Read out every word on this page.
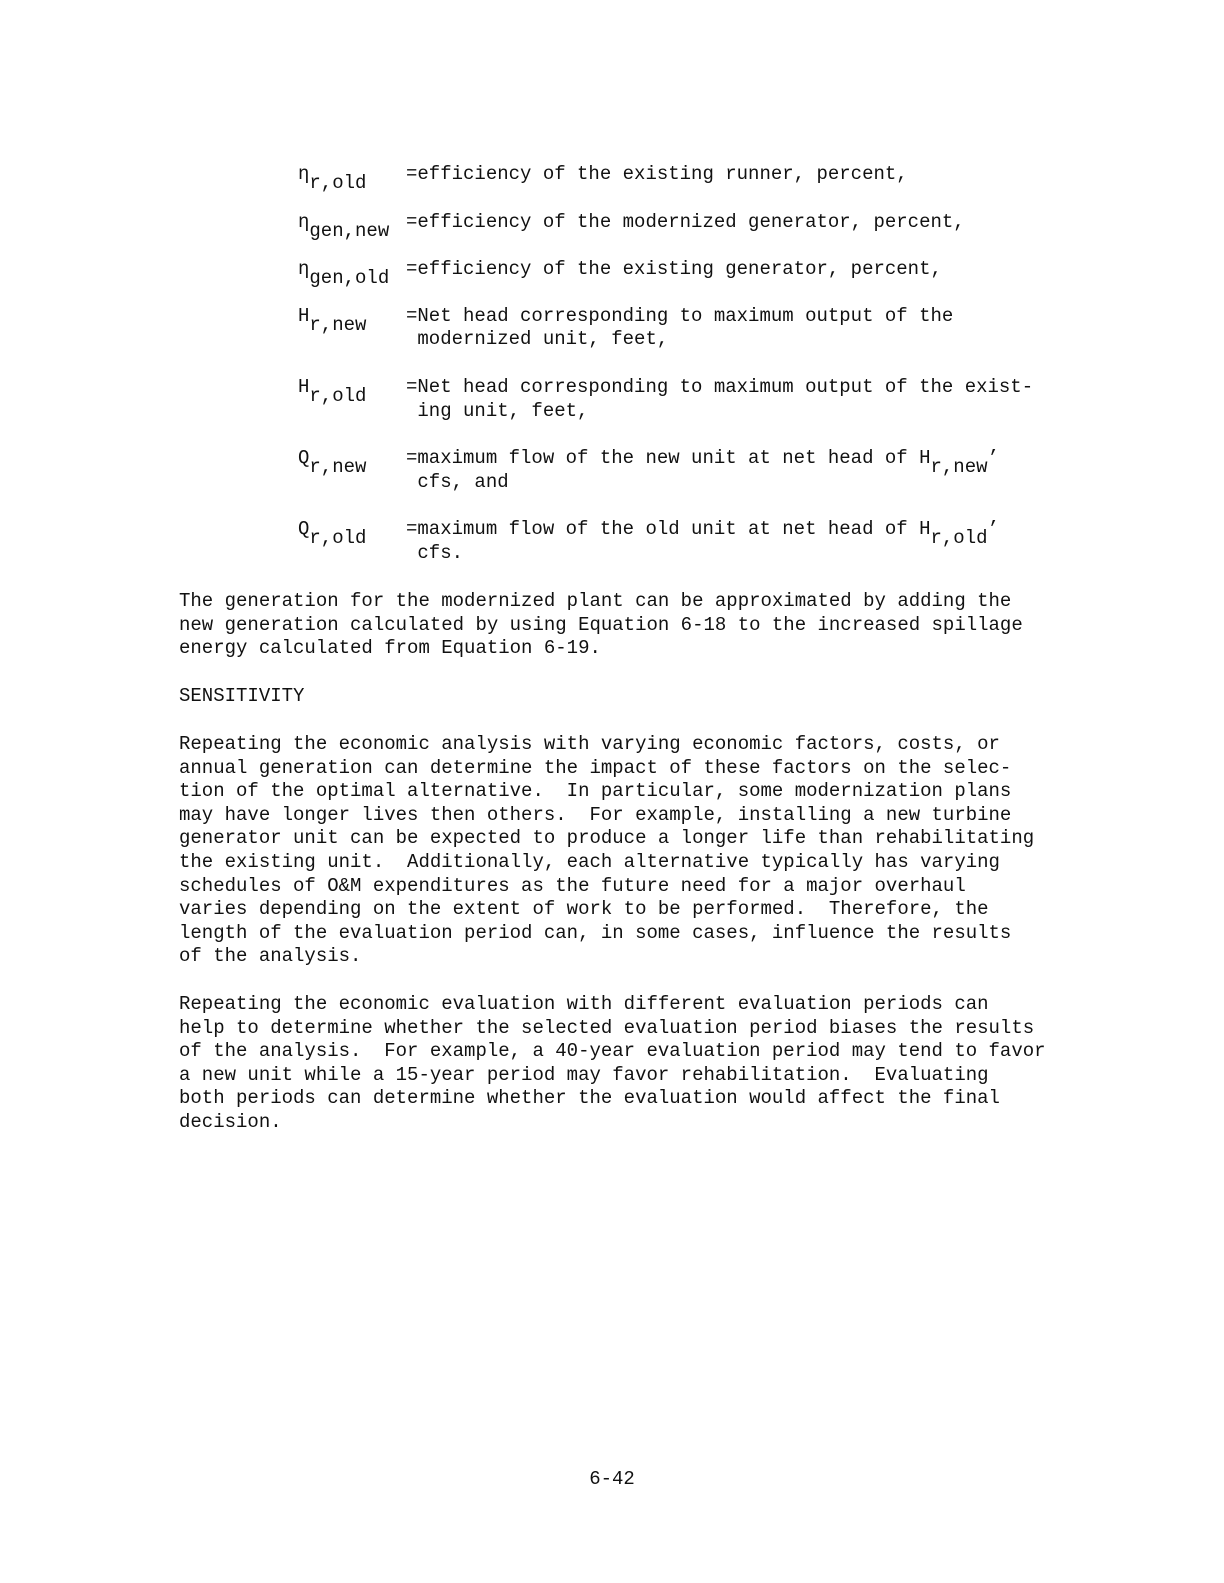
ηr,old	= efficiency of the existing runner, percent,
ηgen,new = efficiency of the modernized generator, percent,
ηgen,old = efficiency of the existing generator, percent,
Hr,new	= Net head corresponding to maximum output of the
modernized unit, feet,
Hr,old	= Net head corresponding to maximum output of the exist-
ing unit, feet,
Qr,new	= maximum flow of the new unit at net head of Hr,new’
cfs, and
Qr,old	= maximum flow of the old unit at net head of Hr,old’
cfs.

The generation for the modernized plant can be approximated by adding the
new generation calculated by using Equation 6-18 to the increased spillage
energy calculated from Equation 6-19.

SENSITIVITY

Repeating the economic analysis with varying economic factors, costs, or
annual generation can determine the impact of these factors on the selec-
tion of the optimal alternative.  In particular, some modernization plans
may have longer lives then others.  For example, installing a new turbine
generator unit can be expected to produce a longer life than rehabilitating
the existing unit.  Additionally, each alternative typically has varying
schedules of O&M expenditures as the future need for a major overhaul
varies depending on the extent of work to be performed.  Therefore, the
length of the evaluation period can, in some cases, influence the results
of the analysis.

Repeating the economic evaluation with different evaluation periods can
help to determine whether the selected evaluation period biases the results
of the analysis.  For example, a 40-year evaluation period may tend to favor
a new unit while a 15-year period may favor rehabilitation.  Evaluating
both periods can determine whether the evaluation would affect the final
decision.

6-42
